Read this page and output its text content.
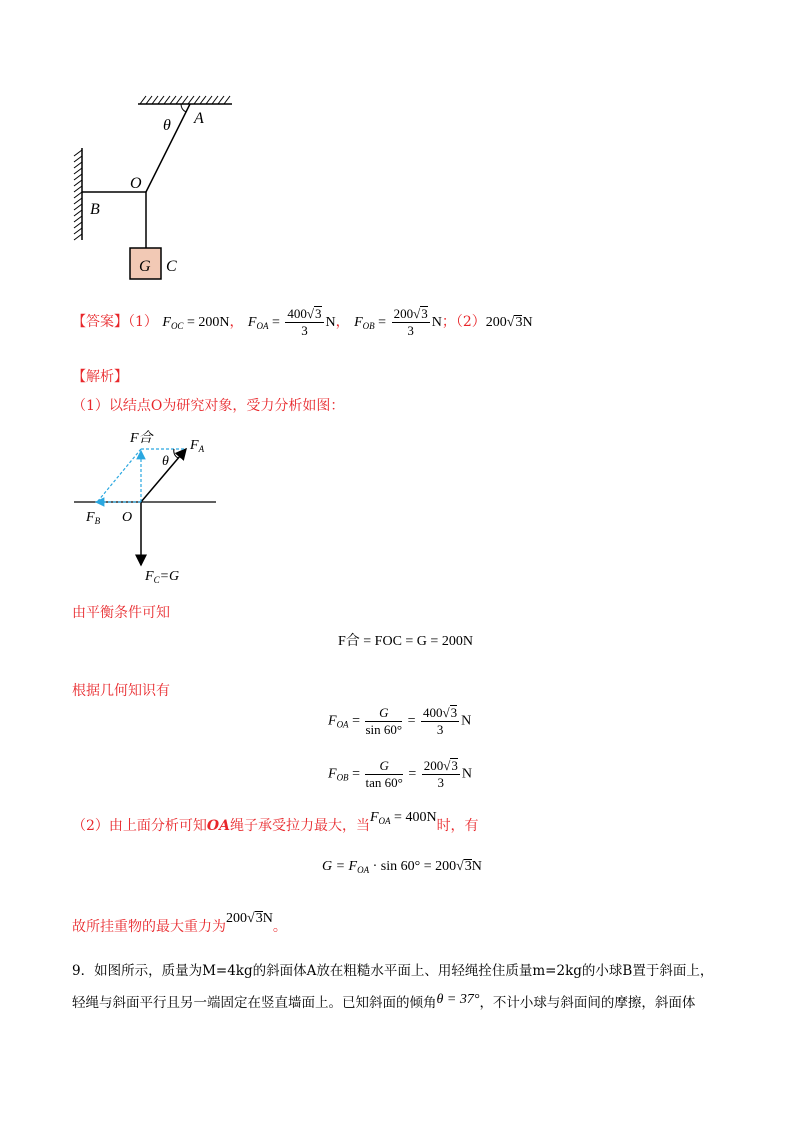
θ A
O
B
G C
【答案】（1） $F_{OC} = 200N$， $F_{OA} = \frac{400√3}{3}$ N， $F_{OB} = \frac{200√3}{3}$ N；（2）200√3N
【解析】
（1）以结点O为研究对象，受力分析如图：
F合	$F_A$
θ
$F_B$ O
$F_C=G$
由平衡条件可知
F合 = FOC = G = 200N
根据几何知识有
$F_{OA} = \frac{G}{\sin 60^\circ} = \frac{400√3}{3}$ N
$F_{OB} = \frac{G}{\tan 60^\circ} = \frac{200√3}{3}$ N
（2）由上面分析可知OA绳子承受拉力最大，当$F_{OA} = 400N$时，有
$G = F_{OA} \cdot \sin 60^\circ = 200√3N$
故所挂重物的最大重力为200√3N。
9．如图所示，质量为M=4kg的斜面体A放在粗糙水平面上、用轻绳拴住质量m=2kg的小球B置于斜面上，
轻绳与斜面平行且另一端固定在竖直墙面上。已知斜面的倾角θ = 37°，不计小球与斜面间的摩擦，斜面体
